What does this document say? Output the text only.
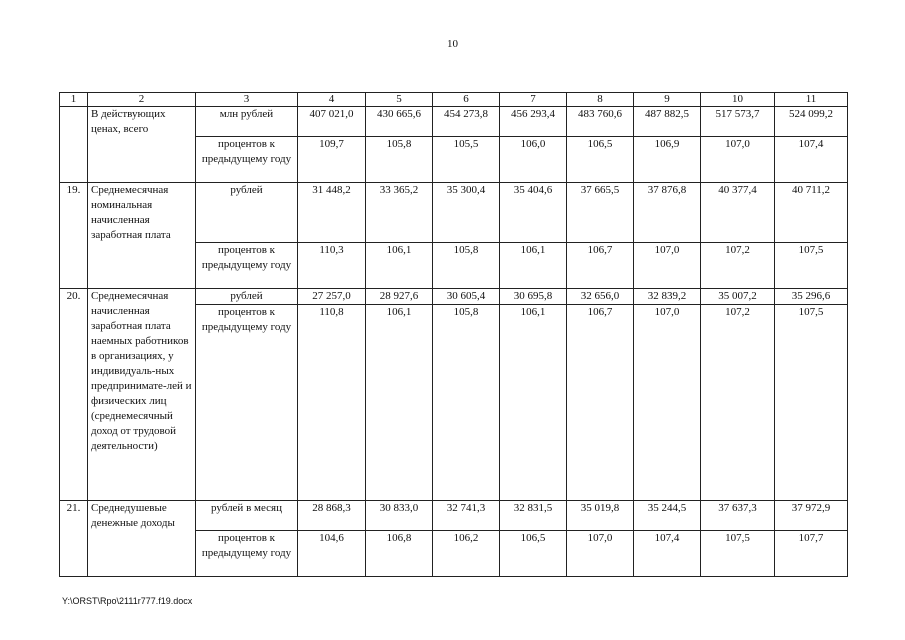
10
1	2	3	4	5	6	7	8	9	10	11
	В действующих ценах, всего	млн рублей	407 021,0	430 665,6	454 273,8	456 293,4	483 760,6	487 882,5	517 573,7	524 099,2
		процентов к предыдущему году	109,7	105,8	105,5	106,0	106,5	106,9	107,0	107,4
19.	Среднемесячная номинальная начисленная заработная плата	рублей	31 448,2	33 365,2	35 300,4	35 404,6	37 665,5	37 876,8	40 377,4	40 711,2
		процентов к предыдущему году	110,3	106,1	105,8	106,1	106,7	107,0	107,2	107,5
20.	Среднемесячная начисленная заработная плата наемных работников в организациях, у индивидуаль-ных предпринимате-лей и физических лиц (среднемесячный доход от трудовой деятельности)	рублей	27 257,0	28 927,6	30 605,4	30 695,8	32 656,0	32 839,2	35 007,2	35 296,6
		процентов к предыдущему году	110,8	106,1	105,8	106,1	106,7	107,0	107,2	107,5
21.	Среднедушевые денежные доходы	рублей в месяц	28 868,3	30 833,0	32 741,3	32 831,5	35 019,8	35 244,5	37 637,3	37 972,9
		процентов к предыдущему году	104,6	106,8	106,2	106,5	107,0	107,4	107,5	107,7
Y:\ORST\Rpo\2111r777.f19.docx
